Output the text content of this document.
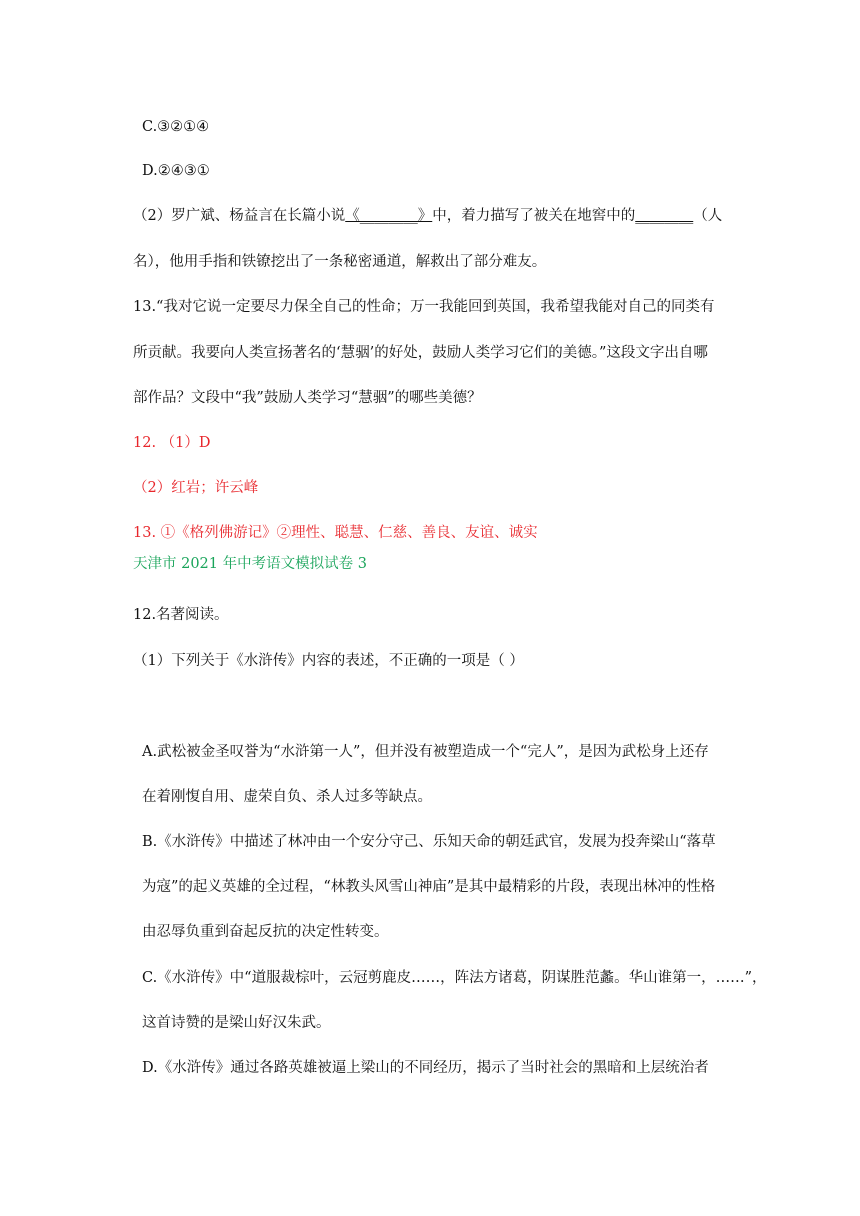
C.③②①④
D.②④③①
（2）罗广斌、杨益言在长篇小说《________》中，着力描写了被关在地窖中的________（人
名），他用手指和铁镣挖出了一条秘密通道，解救出了部分难友。
13.“我对它说一定要尽力保全自己的性命；万一我能回到英国，我希望我能对自己的同类有
所贡献。我要向人类宣扬著名的‘慧骃’的好处，鼓励人类学习它们的美德。”这段文字出自哪
部作品？文段中“我”鼓励人类学习“慧骃”的哪些美德？
12. （1）D
（2）红岩；许云峰
13. ①《格列佛游记》②理性、聪慧、仁慈、善良、友谊、诚实
天津市 2021 年中考语文模拟试卷 3
12.名著阅读。
（1）下列关于《水浒传》内容的表述，不正确的一项是（ ）
A.武松被金圣叹誉为“水浒第一人”，但并没有被塑造成一个“完人”，是因为武松身上还存
在着刚愎自用、虚荣自负、杀人过多等缺点。
B.《水浒传》中描述了林冲由一个安分守己、乐知天命的朝廷武官，发展为投奔梁山“落草
为寇”的起义英雄的全过程，“林教头风雪山神庙”是其中最精彩的片段，表现出林冲的性格
由忍辱负重到奋起反抗的决定性转变。
C.《水浒传》中“道服裁棕叶，云冠剪鹿皮……，阵法方诸葛，阴谋胜范蠡。华山谁第一，……”，
这首诗赞的是梁山好汉朱武。
D.《水浒传》通过各路英雄被逼上梁山的不同经历，揭示了当时社会的黑暗和上层统治者
